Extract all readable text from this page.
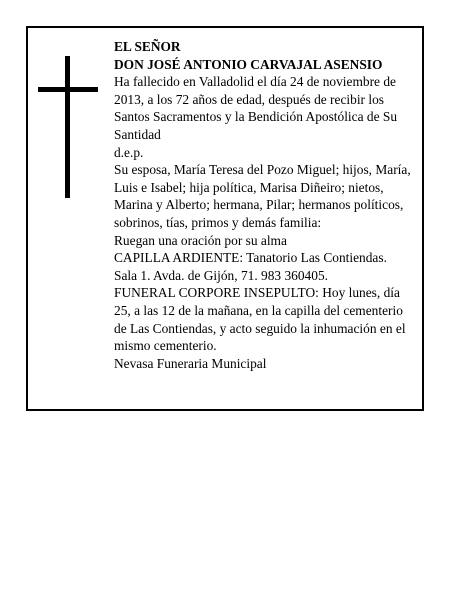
EL SEÑOR
DON JOSÉ ANTONIO CARVAJAL ASENSIO
Ha fallecido en Valladolid el día 24 de noviembre de
2013, a los 72 años de edad, después de recibir los
Santos Sacramentos y la Bendición Apostólica de Su
Santidad
d.e.p.
Su esposa, María Teresa del Pozo Miguel; hijos, María,
Luis e Isabel; hija política, Marisa Diñeiro; nietos,
Marina y Alberto; hermana, Pilar; hermanos políticos,
sobrinos, tías, primos y demás familia:
Ruegan una oración por su alma
CAPILLA ARDIENTE: Tanatorio Las Contiendas.
Sala 1. Avda. de Gijón, 71. 983 360405.
FUNERAL CORPORE INSEPULTO: Hoy lunes, día
25, a las 12 de la mañana, en la capilla del cementerio
de Las Contiendas, y acto seguido la inhumación en el
mismo cementerio.
Nevasa Funeraria Municipal
